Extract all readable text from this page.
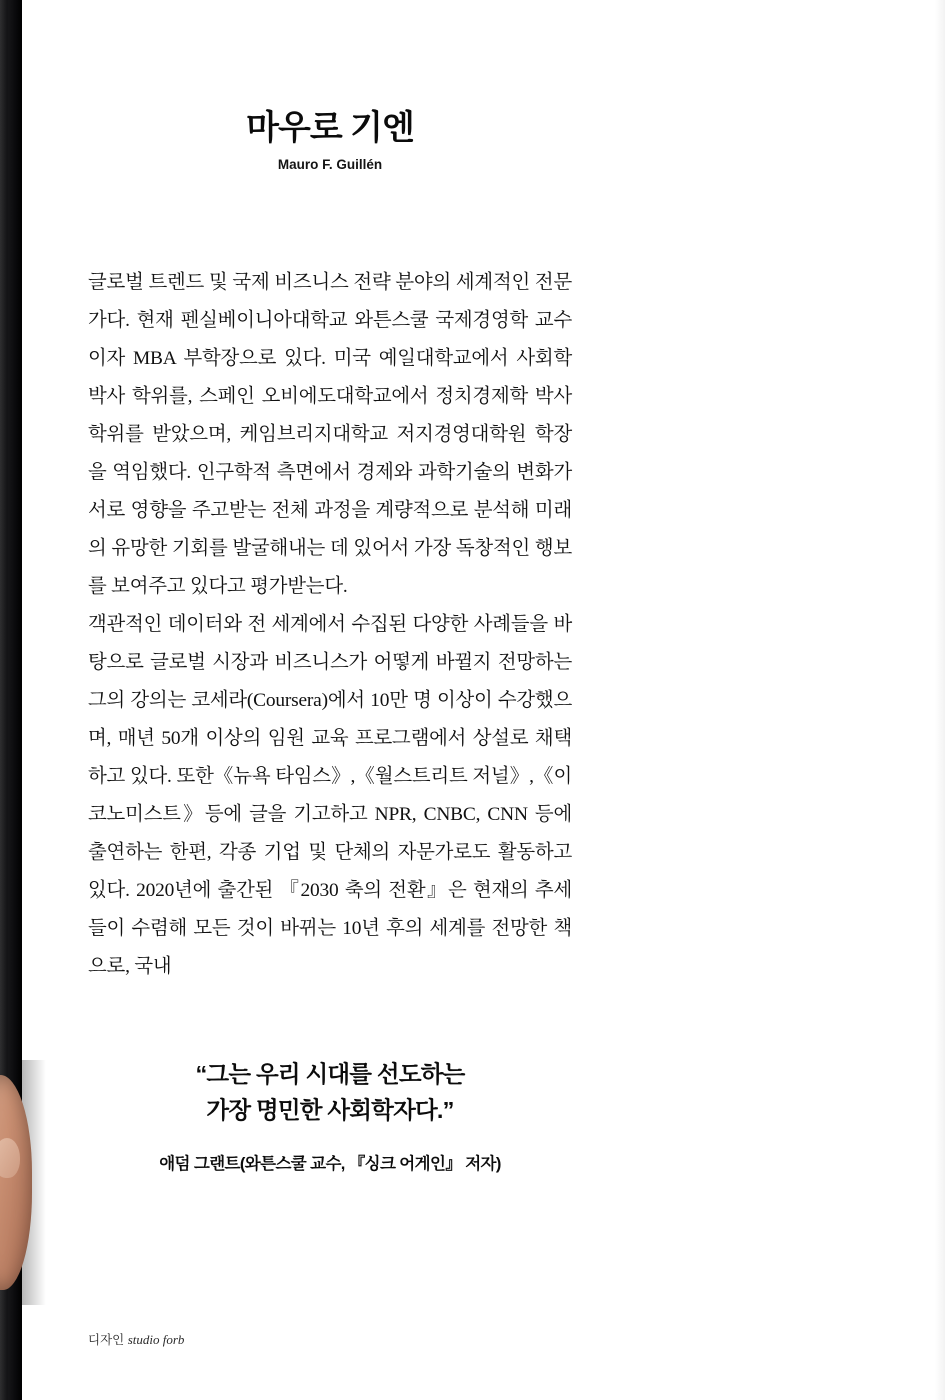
마우로 기엔

Mauro F. Guillén

글로벌 트렌드 및 국제 비즈니스 전략 분야의 세계적인 전문가다. 현재 펜실베이니아대학교 와튼스쿨 국제경영학 교수이자 MBA 부학장으로 있다. 미국 예일대학교에서 사회학 박사 학위를, 스페인 오비에도대학교에서 정치경제학 박사 학위를 받았으며, 케임브리지대학교 저지경영대학원 학장을 역임했다. 인구학적 측면에서 경제와 과학기술의 변화가 서로 영향을 주고받는 전체 과정을 계량적으로 분석해 미래의 유망한 기회를 발굴해내는 데 있어서 가장 독창적인 행보를 보여주고 있다고 평가받는다.

객관적인 데이터와 전 세계에서 수집된 다양한 사례들을 바탕으로 글로벌 시장과 비즈니스가 어떻게 바뀔지 전망하는 그의 강의는 코세라(Coursera)에서 10만 명 이상이 수강했으며, 매년 50개 이상의 임원 교육 프로그램에서 상설로 채택하고 있다. 또한《뉴욕 타임스》,《월스트리트 저널》,《이코노미스트》등에 글을 기고하고 NPR, CNBC, CNN 등에 출연하는 한편, 각종 기업 및 단체의 자문가로도 활동하고 있다. 2020년에 출간된 『2030 축의 전환』은 현재의 추세들이 수렴해 모든 것이 바뀌는 10년 후의 세계를 전망한 책으로, 국내

“그는 우리 시대를 선도하는
가장 명민한 사회학자다.”
애덤 그랜트(와튼스쿨 교수, 『싱크 어게인』 저자)
디자인 studio forb
